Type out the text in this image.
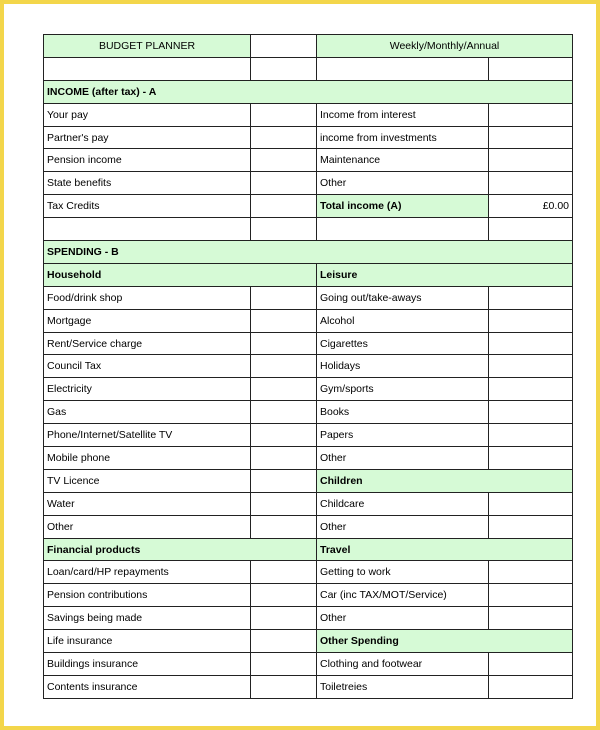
BUDGET PLANNER		Weekly/Monthly/Annual	

INCOME (after tax) - A			
Your pay		Income from interest	
Partner's pay		income from investments	
Pension income		Maintenance	
State benefits		Other	
Tax Credits		Total income (A)	£0.00

SPENDING - B			
Household		Leisure	
Food/drink shop		Going out/take-aways	
Mortgage		Alcohol	
Rent/Service charge		Cigarettes	
Council Tax		Holidays	
Electricity		Gym/sports	
Gas		Books	
Phone/Internet/Satellite TV		Papers	
Mobile phone		Other	
TV Licence		Children	
Water		Childcare	
Other		Other	
Financial products		Travel	
Loan/card/HP repayments		Getting to work	
Pension contributions		Car (inc TAX/MOT/Service)	
Savings being made		Other	
Life insurance		Other Spending	
Buildings insurance		Clothing and footwear	
Contents insurance		Toiletreies	
